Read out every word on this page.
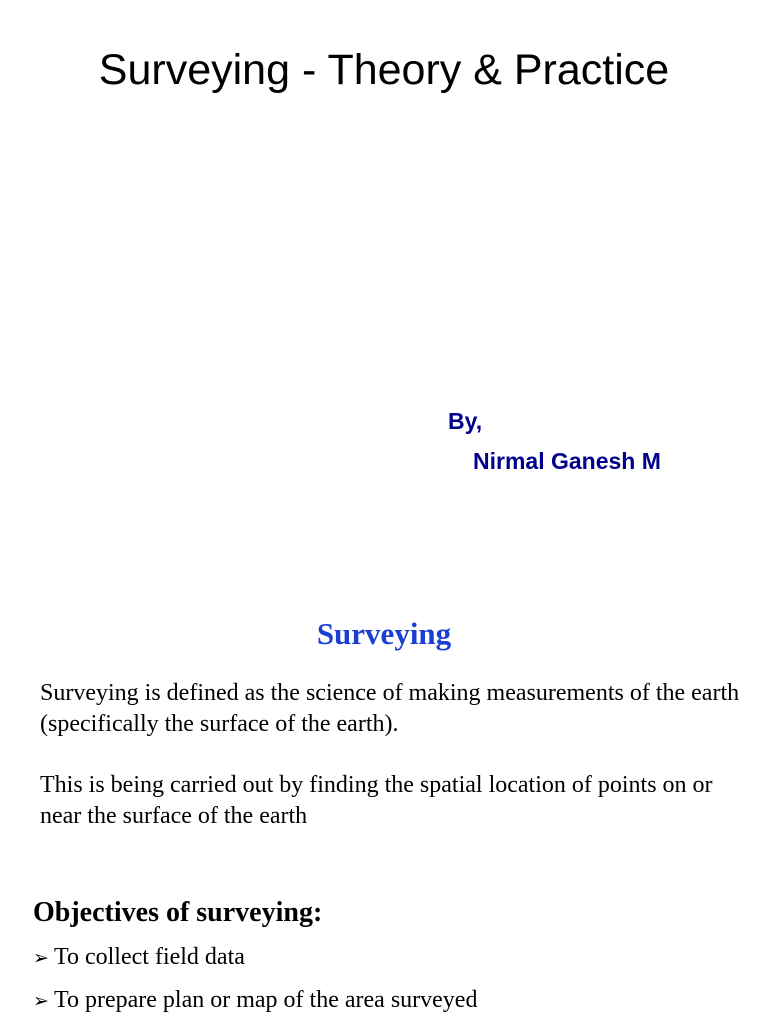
Surveying - Theory & Practice
By,
Nirmal Ganesh M
Surveying
Surveying is defined as the science of making measurements of the earth (specifically the surface of the earth).
This is being carried out by finding the spatial location of points on or near the surface of the earth
Objectives of surveying:
➢ To collect field data
➢ To prepare plan or map of the area surveyed
